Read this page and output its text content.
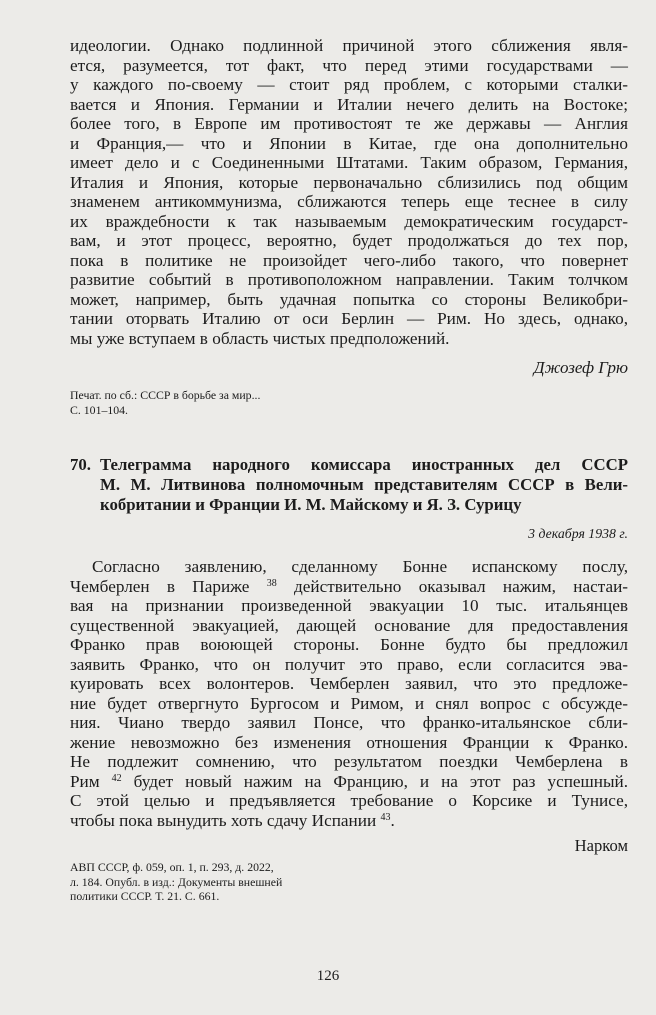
идеологии. Однако подлинной причиной этого сближения явля-
ется, разумеется, тот факт, что перед этими государствами —
у каждого по-своему — стоит ряд проблем, с которыми сталки-
вается и Япония. Германии и Италии нечего делить на Востоке;
более того, в Европе им противостоят те же державы — Англия
и Франция,— что и Японии в Китае, где она дополнительно
имеет дело и с Соединенными Штатами. Таким образом, Германия,
Италия и Япония, которые первоначально сблизились под общим
знаменем антикоммунизма, сближаются теперь еще теснее в силу
их враждебности к так называемым демократическим государст-
вам, и этот процесс, вероятно, будет продолжаться до тех пор,
пока в политике не произойдет чего-либо такого, что повернет
развитие событий в противоположном направлении. Таким толчком
может, например, быть удачная попытка со стороны Великобри-
тании оторвать Италию от оси Берлин — Рим. Но здесь, однако,
мы уже вступаем в область чистых предположений.
Джозеф Грю
Печат. по сб.: СССР в борьбе за мир...
С. 101–104.
70. Телеграмма народного комиссара иностранных дел СССР
М. М. Литвинова полномочным представителям СССР в Вели-
кобритании и Франции И. М. Майскому и Я. З. Сурицу
3 декабря 1938 г.
Согласно заявлению, сделанному Бонне испанскому послу,
Чемберлен в Париже $^{38}$ действительно оказывал нажим, настаи-
вая на признании произведенной эвакуации 10 тыс. итальянцев
существенной эвакуацией, дающей основание для предоставления
Франко прав воюющей стороны. Бонне будто бы предложил
заявить Франко, что он получит это право, если согласится эва-
куировать всех волонтеров. Чемберлен заявил, что это предложе-
ние будет отвергнуто Бургосом и Римом, и снял вопрос с обсужде-
ния. Чиано твердо заявил Понсе, что франко-итальянское сбли-
жение невозможно без изменения отношения Франции к Франко.
Не подлежит сомнению, что результатом поездки Чемберлена в
Рим $^{42}$ будет новый нажим на Францию, и на этот раз успешный.
С этой целью и предъявляется требование о Корсике и Тунисе,
чтобы пока вынудить хоть сдачу Испании $^{43}$.
Нарком
АВП СССР, ф. 059, оп. 1, п. 293, д. 2022,
л. 184. Опубл. в изд.: Документы внешней
политики СССР. Т. 21. С. 661.
126
